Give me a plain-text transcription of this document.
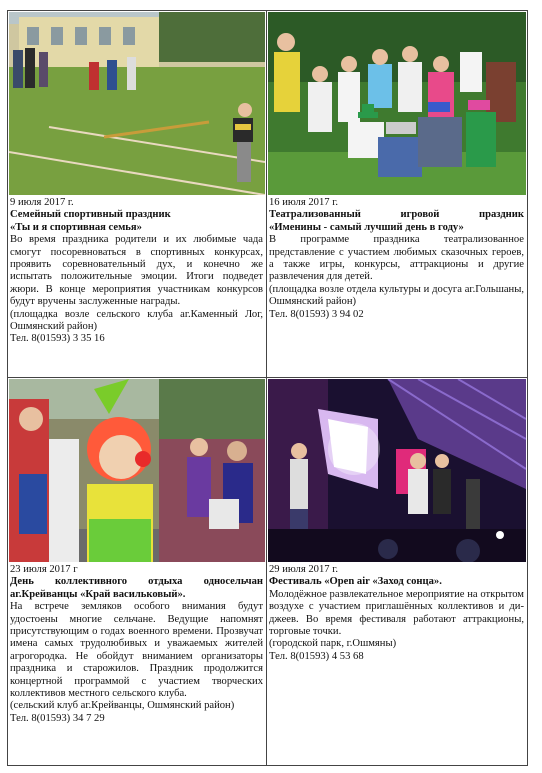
9 июля 2017 г.

Семейный спортивный праздник

«Ты и я спортивная семья»

Во время праздника родители и их любимые чада смогут посоревноваться в спортивных конкурсах, проявить соревновательный дух, и конечно же испытать положительные эмоции. Итоги подведет жюри. В конце мероприятия участникам конкурсов будут вручены заслуженные награды.

(площадка возле сельского клуба аг.Каменный Лог, Ошмянский район)

Тел. 8(01593) 3 35 16

16 июля 2017 г.

Театрализованный игровой праздник

«Именины - самый лучший день в году»

В программе праздника театрализованное представление с участием любимых сказочных героев, а также игры, конкурсы, аттракционы и другие развлечения для детей.

(площадка возле отдела культуры и досуга аг.Гольшаны, Ошмянский район)

Тел. 8(01593) 3 94 02

23 июля 2017 г

День коллективного отдыха односельчан

аг.Крейванцы «Край васильковый».

На встрече земляков особого внимания будут удостоены многие сельчане. Ведущие напомнят присутствующим о годах военного времени. Прозвучат имена самых трудолюбивых и уважаемых жителей агрогородка. Не обойдут вниманием организаторы праздника и старожилов. Праздник продолжится концертной программой с участием творческих коллективов местного сельского клуба.

(сельский клуб аг.Крейванцы, Ошмянский район)

Тел. 8(01593) 34 7 29

29 июля 2017 г.

Фестиваль «Open air «Заход сонца».

Молодёжное развлекательное мероприятие на открытом воздухе с участием приглашённых коллективов и ди-джеев. Во время фестиваля работают аттракционы, торговые точки.

(городской парк, г.Ошмяны)

Тел. 8(01593) 4 53 68
